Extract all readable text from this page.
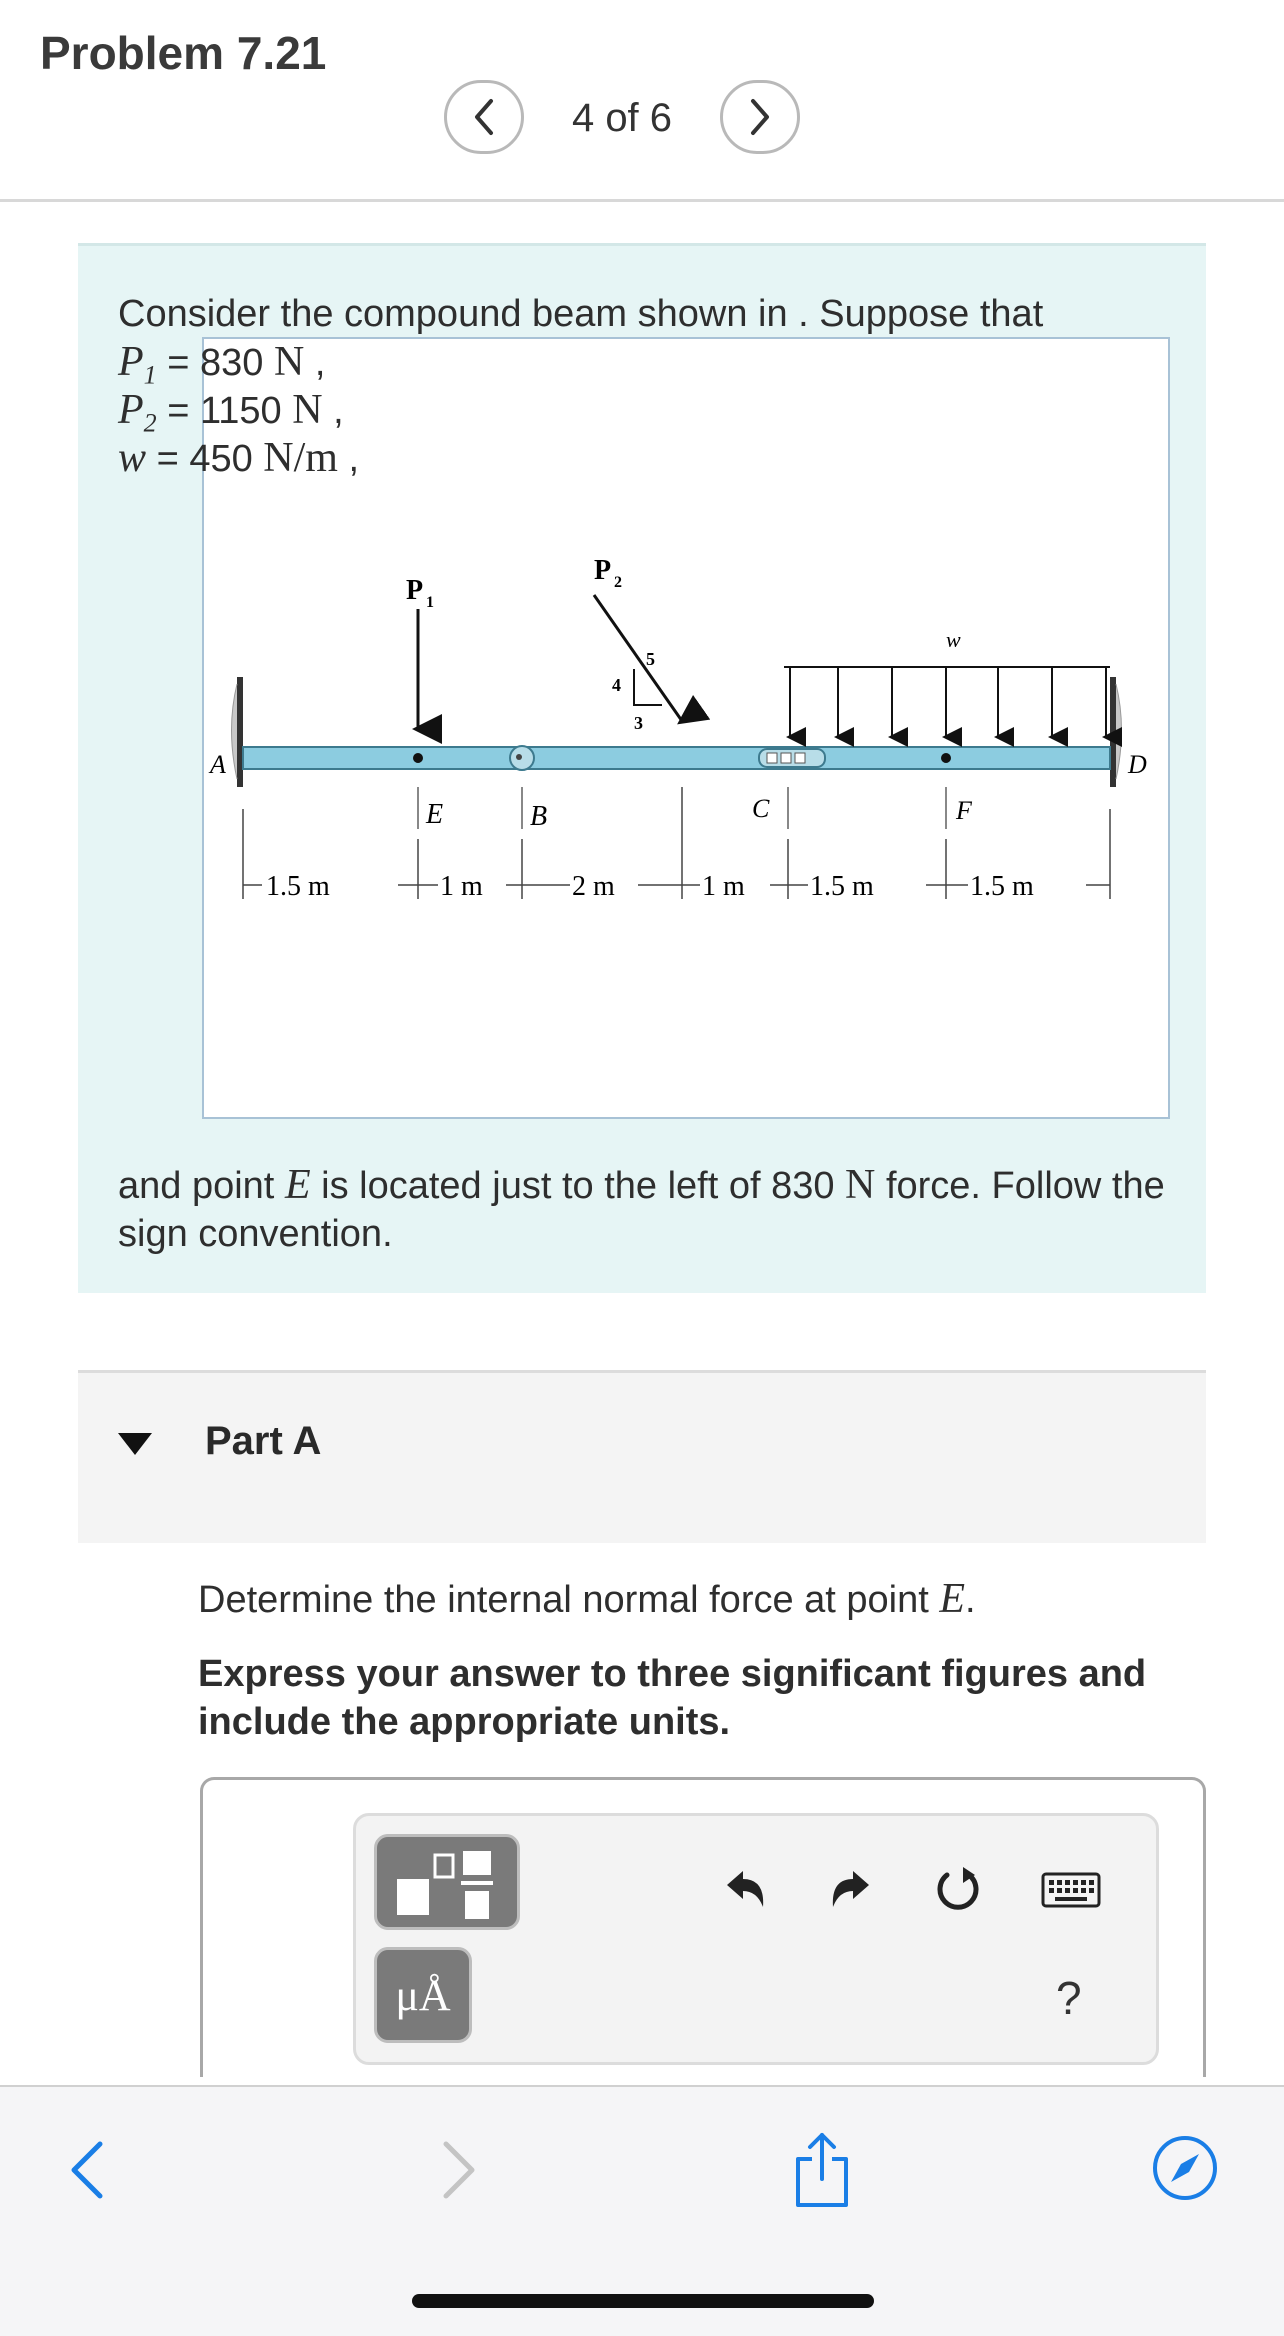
Problem 7.21
4 of 6
Consider the compound beam shown in . Suppose that
P 1
P 2
4
5
3
w
A	D
E	B	C	F
1.5 m	1 m	2 m	1 m 1.5 m	1.5 m
$P_1 = 830$ N ,
$P_2 = 1150$ N ,
w = 450 N/m ,
and point E is located just to the left of 830 N force. Follow the sign convention.
Part A
Determine the internal normal force at point E.
Express your answer to three significant figures and include the appropriate units.
μÅ	?
